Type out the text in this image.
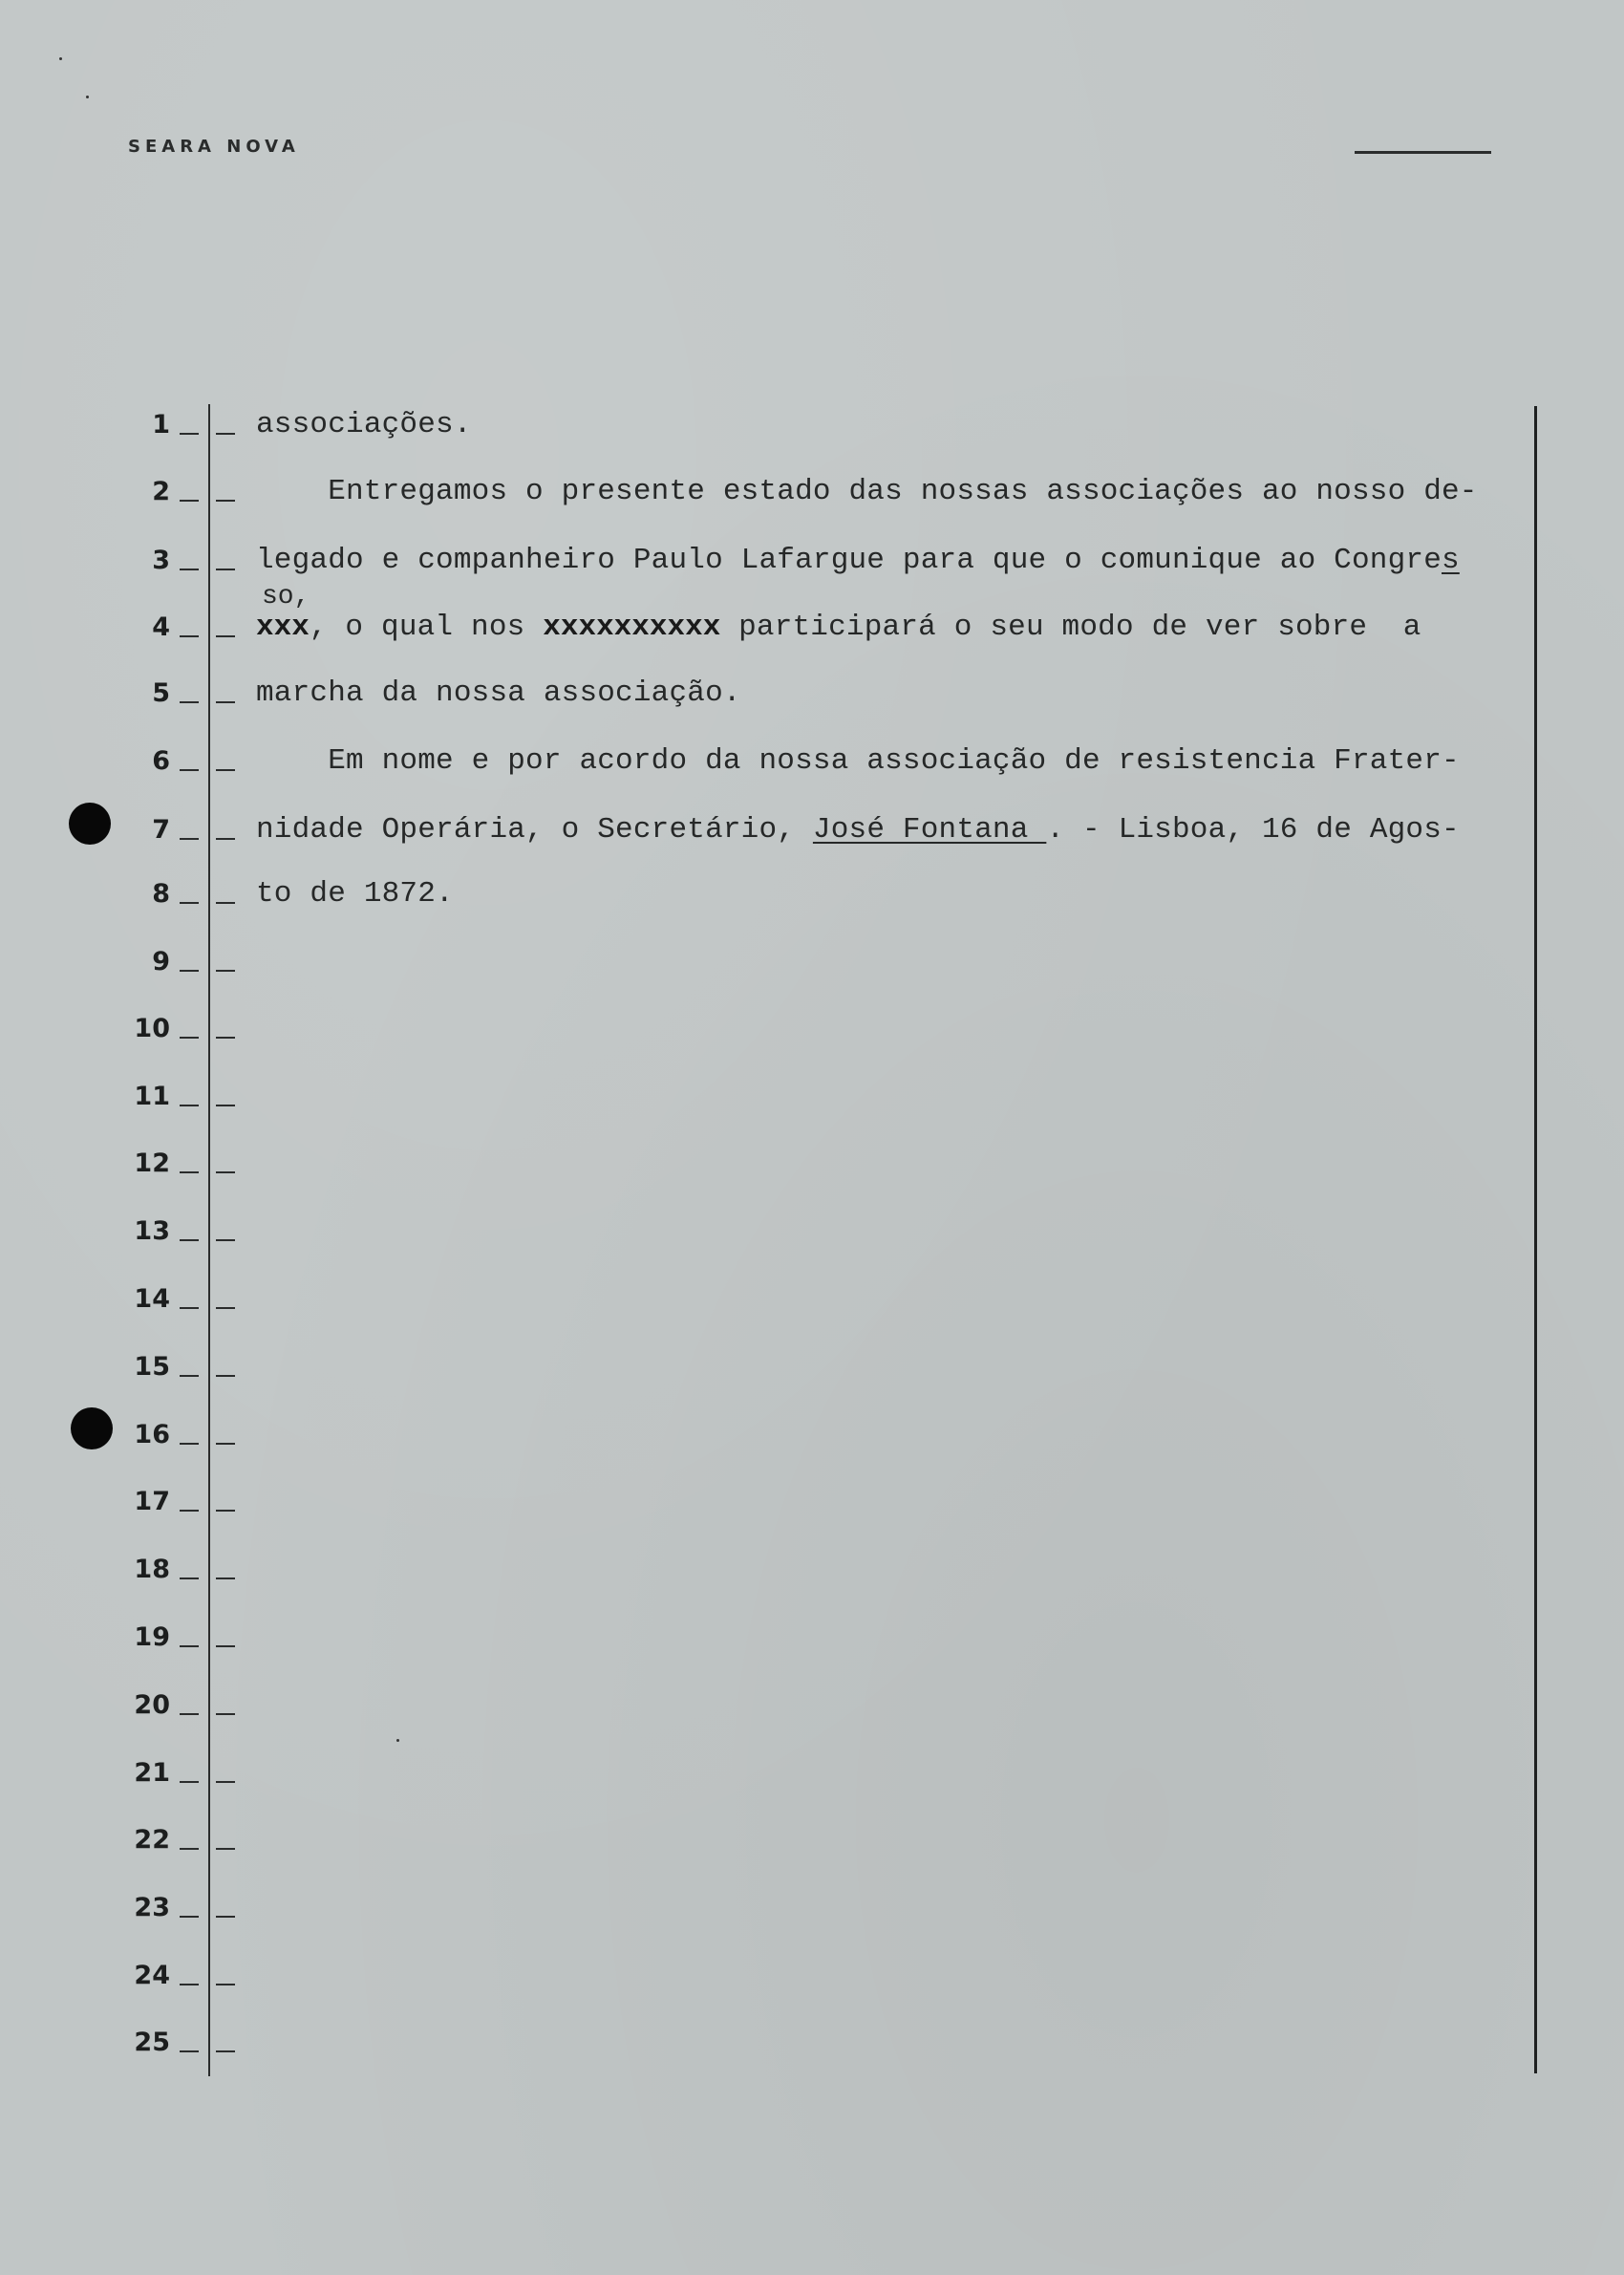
SEARA NOVA
1
2
3
4
5
6
7
8
9
10
11
12
13
14
15
16
17
18
19
20
21
22
23
24
25
associações.
Entregamos o presente estado das nossas associações ao nosso de-
legado e companheiro Paulo Lafargue para que o comunique ao Congres
so,
xxx, o qual nos xxxxxxxxxx participará o seu modo de ver sobre  a
marcha da nossa associação.
Em nome e por acordo da nossa associação de resistencia Frater-
nidade Operária, o Secretário, José Fontana . - Lisboa, 16 de Agos-
to de 1872.
